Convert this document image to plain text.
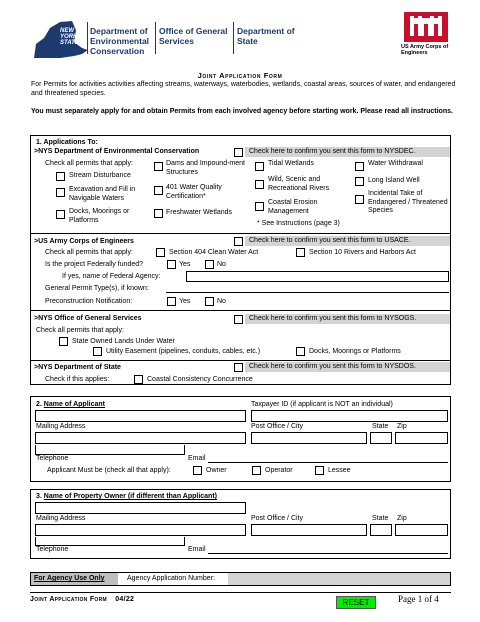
NEW
YORK
STATE
Department of Environmental Conservation
Office of General Services
Department of State
US Army Corps of Engineers
Joint Application Form
For Permits for activities activities affecting streams, waterways, waterbodies, wetlands, coastal areas, sources of water, and endangered and threatened species.
You must separately apply for and obtain Permits from each involved agency before starting work. Please read all instructions.
1. Applications To:
>NYS Department of Environmental Conservation	Check here to confirm you sent this form to NYSDEC.
Check all permits that apply:
Stream Disturbance
Excavation and Fill in Navigable Waters
Docks, Moorings or Platforms
Dams and Impound-ment Structures
401 Water Quality Certification*
Freshwater Wetlands
Tidal Wetlands
Wild, Scenic and Recreational Rivers
Coastal Erosion Management
Water Withdrawal
Long Island Well
Incidental Take of Endangered / Threatened Species
* See Instructions (page 3)
>US Army Corps of Engineers	Check here to confirm you sent this form to USACE.
Check all permits that apply:	Section 404 Clean Water Act	Section 10 Rivers and Harbors Act
Is the project Federally funded?	Yes	No
If yes, name of Federal Agency:
General Permit Type(s), if known:
Preconstruction Notification:	Yes	No
>NYS Office of General Services	Check here to confirm you sent this form to NYSOGS.
Check all permits that apply:
State Owned Lands Under Water
Utility Easement (pipelines, conduits, cables, etc.)	Docks, Moorings or Platforms
>NYS Department of State	Check here to confirm you sent this form to NYSDOS.
Check if this applies:	Coastal Consistency Concurrence
2. Name of Applicant	Taxpayer ID (if applicant is NOT an individual)
Mailing Address	Post Office / City	State Zip
Telephone	Email
Applicant Must be (check all that apply):	Owner	Operator	Lessee
3. Name of Property Owner (if different than Applicant)
Mailing Address	Post Office / City	State Zip
Telephone	Email
For Agency Use Only	Agency Application Number:
Joint Application Form 04/22	RESET	Page 1 of 4
